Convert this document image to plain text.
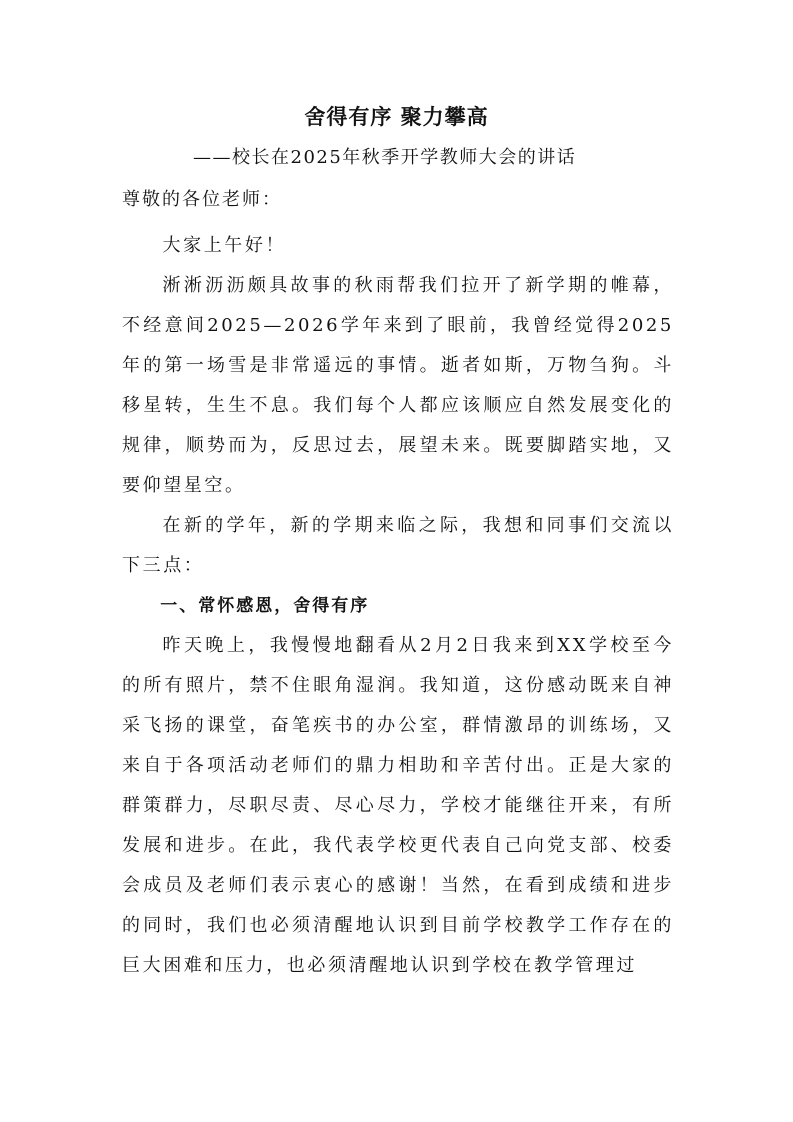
舍得有序 聚力攀高
——校长在2025年秋季开学教师大会的讲话
尊敬的各位老师：

大家上午好！

淅淅沥沥颇具故事的秋雨帮我们拉开了新学期的帷幕，不经意间2025—2026学年来到了眼前，我曾经觉得2025年的第一场雪是非常遥远的事情。逝者如斯，万物刍狗。斗移星转，生生不息。我们每个人都应该顺应自然发展变化的规律，顺势而为，反思过去，展望未来。既要脚踏实地，又要仰望星空。

在新的学年，新的学期来临之际，我想和同事们交流以下三点：

一、常怀感恩，舍得有序

昨天晚上，我慢慢地翻看从2月2日我来到XX学校至今的所有照片，禁不住眼角湿润。我知道，这份感动既来自神采飞扬的课堂，奋笔疾书的办公室，群情激昂的训练场，又来自于各项活动老师们的鼎力相助和辛苦付出。正是大家的群策群力，尽职尽责、尽心尽力，学校才能继往开来，有所发展和进步。在此，我代表学校更代表自己向党支部、校委会成员及老师们表示衷心的感谢！当然，在看到成绩和进步的同时，我们也必须清醒地认识到目前学校教学工作存在的巨大困难和压力，也必须清醒地认识到学校在教学管理过
